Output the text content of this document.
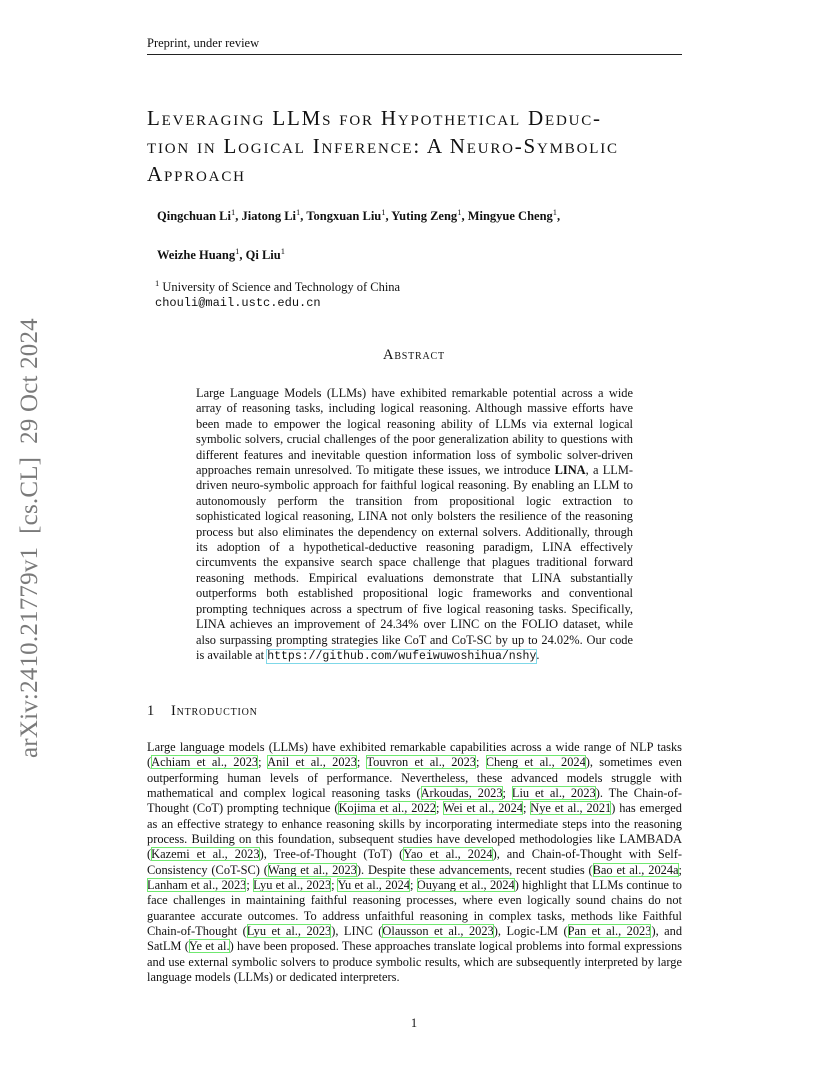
Preprint, under review
arXiv:2410.21779v1  [cs.CL]  29 Oct 2024
Leveraging LLMs for Hypothetical Deduc-
tion in Logical Inference: A Neuro-Symbolic
Approach
Qingchuan Li$^1$, Jiatong Li$^1$, Tongxuan Liu$^1$, Yuting Zeng$^1$, Mingyue Cheng$^1$,
Weizhe Huang$^1$, Qi Liu$^1$
$^1$ University of Science and Technology of China
chouli@mail.ustc.edu.cn
Abstract
Large Language Models (LLMs) have exhibited remarkable potential across a wide array of reasoning tasks, including logical reasoning. Although massive efforts have been made to empower the logical reasoning ability of LLMs via external logical symbolic solvers, crucial challenges of the poor generalization ability to questions with different features and inevitable question information loss of symbolic solver-driven approaches remain unresolved. To mitigate these issues, we introduce LINA, a LLM-driven neuro-symbolic approach for faithful logical reasoning. By enabling an LLM to autonomously perform the transition from propositional logic extraction to sophisticated logical reasoning, LINA not only bolsters the resilience of the reasoning process but also eliminates the dependency on external solvers. Additionally, through its adoption of a hypothetical-deductive reasoning paradigm, LINA effectively circumvents the expansive search space challenge that plagues traditional forward reasoning methods. Empirical evaluations demonstrate that LINA substantially outperforms both established propositional logic frameworks and conventional prompting techniques across a spectrum of five logical reasoning tasks. Specifically, LINA achieves an improvement of 24.34% over LINC on the FOLIO dataset, while also surpassing prompting strategies like CoT and CoT-SC by up to 24.02%. Our code is available at https://github.com/wufeiwuwoshihua/nshy.
1 Introduction
Large language models (LLMs) have exhibited remarkable capabilities across a wide range of NLP tasks (Achiam et al., 2023; Anil et al., 2023; Touvron et al., 2023; Cheng et al., 2024), sometimes even outperforming human levels of performance. Nevertheless, these advanced models struggle with mathematical and complex logical reasoning tasks (Arkoudas, 2023; Liu et al., 2023). The Chain-of-Thought (CoT) prompting technique (Kojima et al., 2022; Wei et al., 2024; Nye et al., 2021) has emerged as an effective strategy to enhance reasoning skills by incorporating intermediate steps into the reasoning process. Building on this foundation, subsequent studies have developed methodologies like LAMBADA (Kazemi et al., 2023), Tree-of-Thought (ToT) (Yao et al., 2024), and Chain-of-Thought with Self-Consistency (CoT-SC) (Wang et al., 2023). Despite these advancements, recent studies (Bao et al., 2024a; Lanham et al., 2023; Lyu et al., 2023; Yu et al., 2024; Ouyang et al., 2024) highlight that LLMs continue to face challenges in maintaining faithful reasoning processes, where even logically sound chains do not guarantee accurate outcomes. To address unfaithful reasoning in complex tasks, methods like Faithful Chain-of-Thought (Lyu et al., 2023), LINC (Olausson et al., 2023), Logic-LM (Pan et al., 2023), and SatLM (Ye et al.) have been proposed. These approaches translate logical problems into formal expressions and use external symbolic solvers to produce symbolic results, which are subsequently interpreted by large language models (LLMs) or dedicated interpreters.
1
